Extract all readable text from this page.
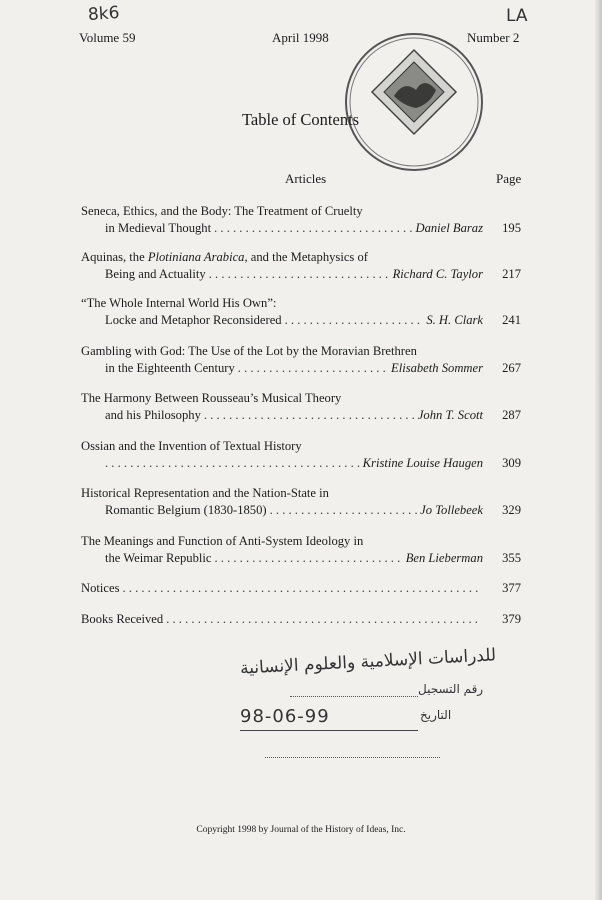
8k6	LA
Volume 59	April 1998	Number 2
Table of Contents
Articles	Page
Seneca, Ethics, and the Body: The Treatment of Cruelty
in Medieval Thought . . .	Daniel Baraz	195
Aquinas, the Plotiniana Arabica, and the Metaphysics of
Being and Actuality . . .	Richard C. Taylor	217
“The Whole Internal World His Own”:
Locke and Metaphor Reconsidered . . .	S. H. Clark	241
Gambling with God: The Use of the Lot by the Moravian Brethren
in the Eighteenth Century . . .	Elisabeth Sommer	267
The Harmony Between Rousseau’s Musical Theory
and his Philosophy . . .	John T. Scott	287
Ossian and the Invention of Textual History
. . .
Kristine Louise Haugen	309
Historical Representation and the Nation-State in
Romantic Belgium (1830-1850) . . .	Jo Tollebeek	329
The Meanings and Function of Anti-System Ideology in
the Weimar Republic . . .	Ben Lieberman	355
Notices . . .	377
Books Received . . .	379
للدراسات الإسلامية والعلوم الإنسانية
رقم التسجيل
التاريخ
98-06-99
Copyright 1998 by Journal of the History of Ideas, Inc.
